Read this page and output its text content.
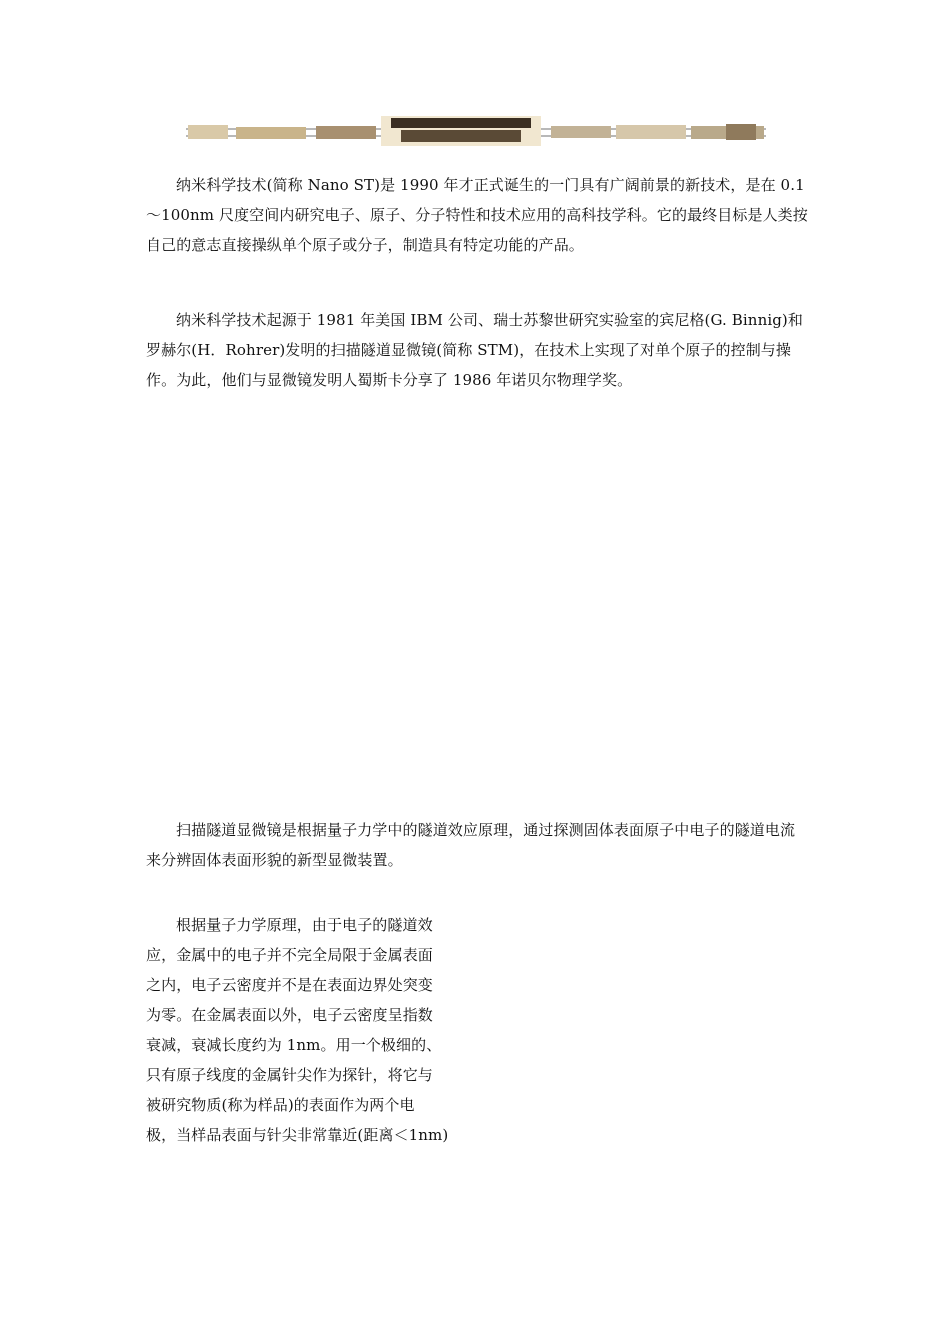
纳米科学技术(简称 Nano ST)是 1990 年才正式诞生的一门具有广阔前景的新技术，是在 0.1～100nm 尺度空间内研究电子、原子、分子特性和技术应用的高科技学科。它的最终目标是人类按自己的意志直接操纵单个原子或分子，制造具有特定功能的产品。

纳米科学技术起源于 1981 年美国 IBM 公司、瑞士苏黎世研究实验室的宾尼格(G. Binnig)和罗赫尔(H．Rohrer)发明的扫描隧道显微镜(简称 STM)，在技术上实现了对单个原子的控制与操作。为此，他们与显微镜发明人蜀斯卡分享了 1986 年诺贝尔物理学奖。

扫描隧道显微镜是根据量子力学中的隧道效应原理，通过探测固体表面原子中电子的隧道电流来分辨固体表面形貌的新型显微装置。

根据量子力学原理，由于电子的隧道效
应，金属中的电子并不完全局限于金属表面
之内，电子云密度并不是在表面边界处突变
为零。在金属表面以外，电子云密度呈指数
衰减，衰减长度约为 1nm。用一个极细的、
只有原子线度的金属针尖作为探针，将它与
被研究物质(称为样品)的表面作为两个电
极，当样品表面与针尖非常靠近(距离＜1nm)
